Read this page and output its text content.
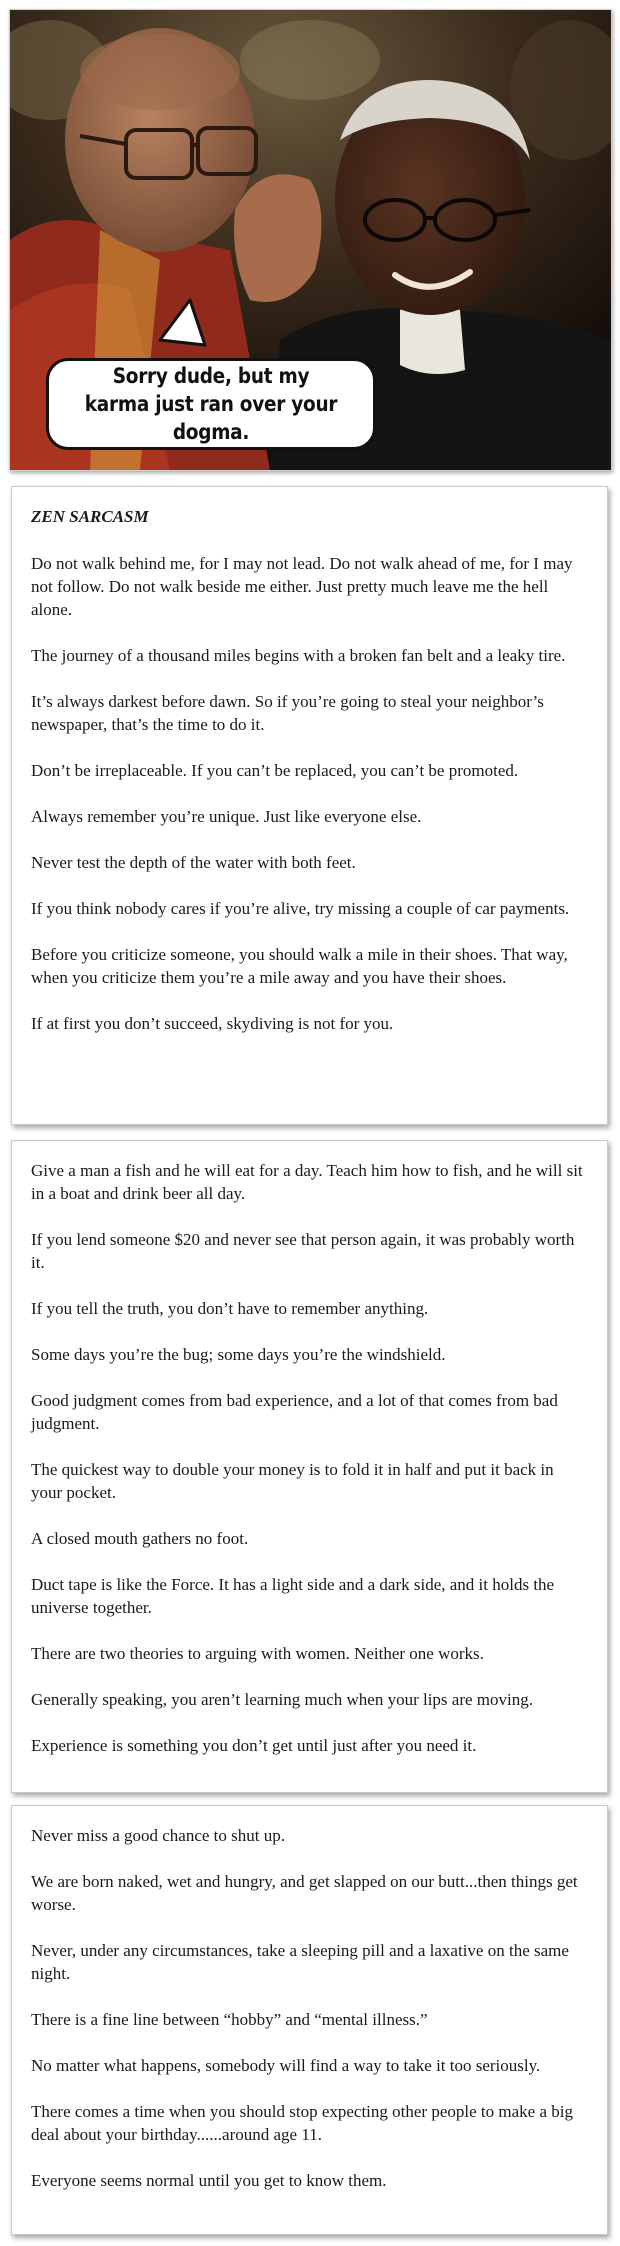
Sorry dude, but my karma just ran over your dogma.
ZEN SARCASM
Do not walk behind me, for I may not lead. Do not walk ahead of me, for I may not follow. Do not walk beside me either. Just pretty much leave me the hell alone.
The journey of a thousand miles begins with a broken fan belt and a leaky tire.
It’s always darkest before dawn. So if you’re going to steal your neighbor’s newspaper, that’s the time to do it.
Don’t be irreplaceable. If you can’t be replaced, you can’t be promoted.
Always remember you’re unique. Just like everyone else.
Never test the depth of the water with both feet.
If you think nobody cares if you’re alive, try missing a couple of car payments.
Before you criticize someone, you should walk a mile in their shoes. That way, when you criticize them you’re a mile away and you have their shoes.
If at first you don’t succeed, skydiving is not for you.
Give a man a fish and he will eat for a day. Teach him how to fish, and he will sit in a boat and drink beer all day.
If you lend someone $20 and never see that person again, it was probably worth it.
If you tell the truth, you don’t have to remember anything.
Some days you’re the bug; some days you’re the windshield.
Good judgment comes from bad experience, and a lot of that comes from bad judgment.
The quickest way to double your money is to fold it in half and put it back in your pocket.
A closed mouth gathers no foot.
Duct tape is like the Force. It has a light side and a dark side, and it holds the universe together.
There are two theories to arguing with women. Neither one works.
Generally speaking, you aren’t learning much when your lips are moving.
Experience is something you don’t get until just after you need it.
Never miss a good chance to shut up.
We are born naked, wet and hungry, and get slapped on our butt...then things get worse.
Never, under any circumstances, take a sleeping pill and a laxative on the same night.
There is a fine line between “hobby” and “mental illness.”
No matter what happens, somebody will find a way to take it too seriously.
There comes a time when you should stop expecting other people to make a big deal about your birthday......around age 11.
Everyone seems normal until you get to know them.
